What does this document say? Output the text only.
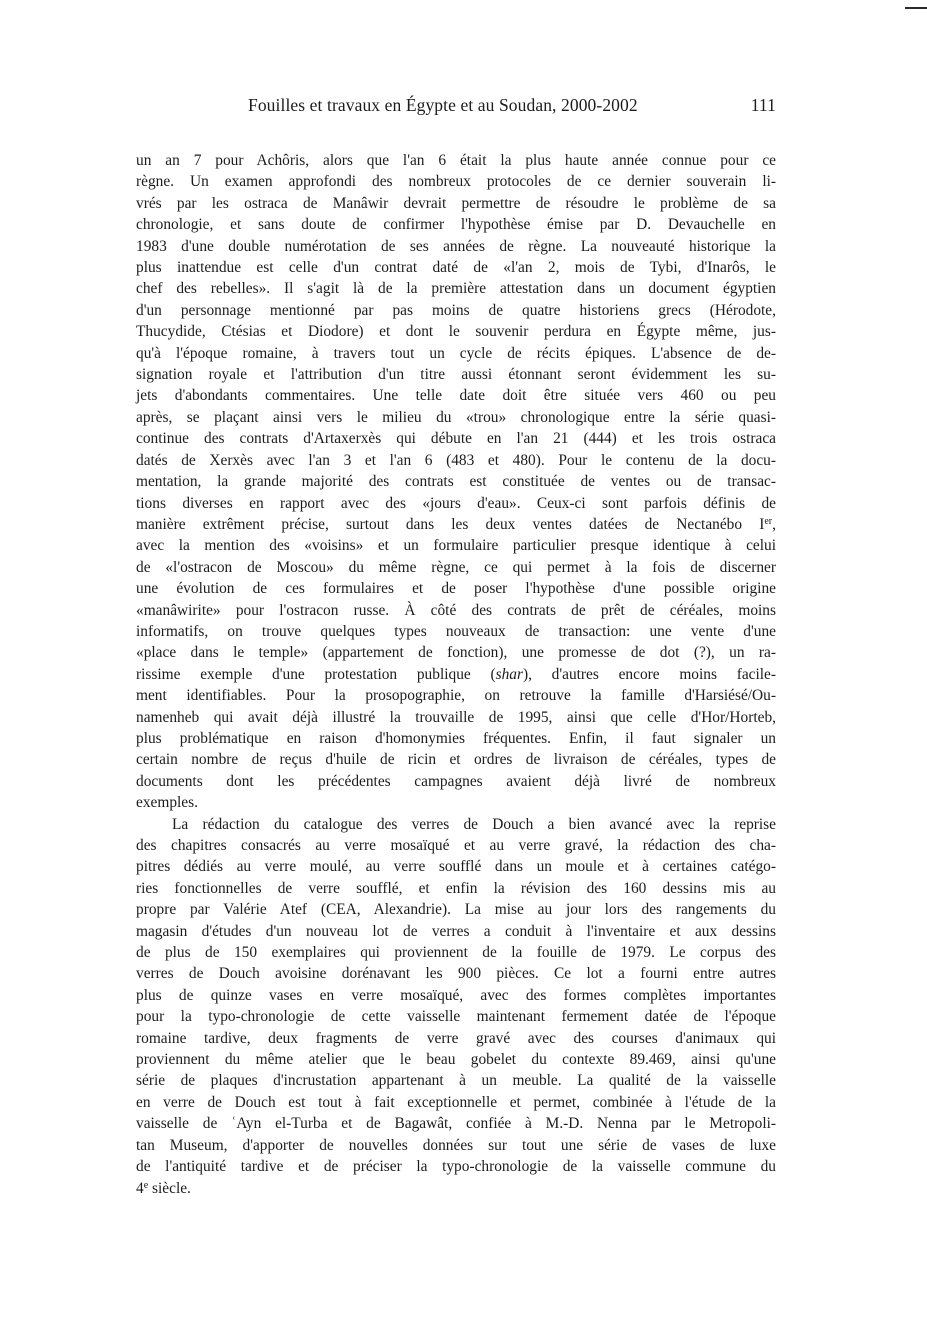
Fouilles et travaux en Égypte et au Soudan, 2000-2002	111
un an 7 pour Achôris, alors que l'an 6 était la plus haute année connue pour ce
règne. Un examen approfondi des nombreux protocoles de ce dernier souverain li-
vrés par les ostraca de Manâwir devrait permettre de résoudre le problème de sa
chronologie, et sans doute de confirmer l'hypothèse émise par D. Devauchelle en
1983 d'une double numérotation de ses années de règne. La nouveauté historique la
plus inattendue est celle d'un contrat daté de «l'an 2, mois de Tybi, d'Inarôs, le
chef des rebelles». Il s'agit là de la première attestation dans un document égyptien
d'un personnage mentionné par pas moins de quatre historiens grecs (Hérodote,
Thucydide, Ctésias et Diodore) et dont le souvenir perdura en Égypte même, jus-
qu'à l'époque romaine, à travers tout un cycle de récits épiques. L'absence de de-
signation royale et l'attribution d'un titre aussi étonnant seront évidemment les su-
jets d'abondants commentaires. Une telle date doit être située vers 460 ou peu
après, se plaçant ainsi vers le milieu du «trou» chronologique entre la série quasi-
continue des contrats d'Artaxerxès qui débute en l'an 21 (444) et les trois ostraca
datés de Xerxès avec l'an 3 et l'an 6 (483 et 480). Pour le contenu de la docu-
mentation, la grande majorité des contrats est constituée de ventes ou de transac-
tions diverses en rapport avec des «jours d'eau». Ceux-ci sont parfois définis de
manière extrêment précise, surtout dans les deux ventes datées de Nectanébo Ier,
avec la mention des «voisins» et un formulaire particulier presque identique à celui
de «l'ostracon de Moscou» du même règne, ce qui permet à la fois de discerner
une évolution de ces formulaires et de poser l'hypothèse d'une possible origine
«manâwirite» pour l'ostracon russe. À côté des contrats de prêt de céréales, moins
informatifs, on trouve quelques types nouveaux de transaction: une vente d'une
«place dans le temple» (appartement de fonction), une promesse de dot (?), un ra-
rissime exemple d'une protestation publique (shar), d'autres encore moins facile-
ment identifiables. Pour la prosopographie, on retrouve la famille d'Harsiésé/Ou-
namenheb qui avait déjà illustré la trouvaille de 1995, ainsi que celle d'Hor/Horteb,
plus problématique en raison d'homonymies fréquentes. Enfin, il faut signaler un
certain nombre de reçus d'huile de ricin et ordres de livraison de céréales, types de
documents dont les précédentes campagnes avaient déjà livré de nombreux
exemples.
La rédaction du catalogue des verres de Douch a bien avancé avec la reprise
des chapitres consacrés au verre mosaïqué et au verre gravé, la rédaction des cha-
pitres dédiés au verre moulé, au verre soufflé dans un moule et à certaines catégo-
ries fonctionnelles de verre soufflé, et enfin la révision des 160 dessins mis au
propre par Valérie Atef (CEA, Alexandrie). La mise au jour lors des rangements du
magasin d'études d'un nouveau lot de verres a conduit à l'inventaire et aux dessins
de plus de 150 exemplaires qui proviennent de la fouille de 1979. Le corpus des
verres de Douch avoisine dorénavant les 900 pièces. Ce lot a fourni entre autres
plus de quinze vases en verre mosaïqué, avec des formes complètes importantes
pour la typo-chronologie de cette vaisselle maintenant fermement datée de l'époque
romaine tardive, deux fragments de verre gravé avec des courses d'animaux qui
proviennent du même atelier que le beau gobelet du contexte 89.469, ainsi qu'une
série de plaques d'incrustation appartenant à un meuble. La qualité de la vaisselle
en verre de Douch est tout à fait exceptionnelle et permet, combinée à l'étude de la
vaisselle de ʿAyn el-Turba et de Bagawât, confiée à M.-D. Nenna par le Metropoli-
tan Museum, d'apporter de nouvelles données sur tout une série de vases de luxe
de l'antiquité tardive et de préciser la typo-chronologie de la vaisselle commune du
4e siècle.
